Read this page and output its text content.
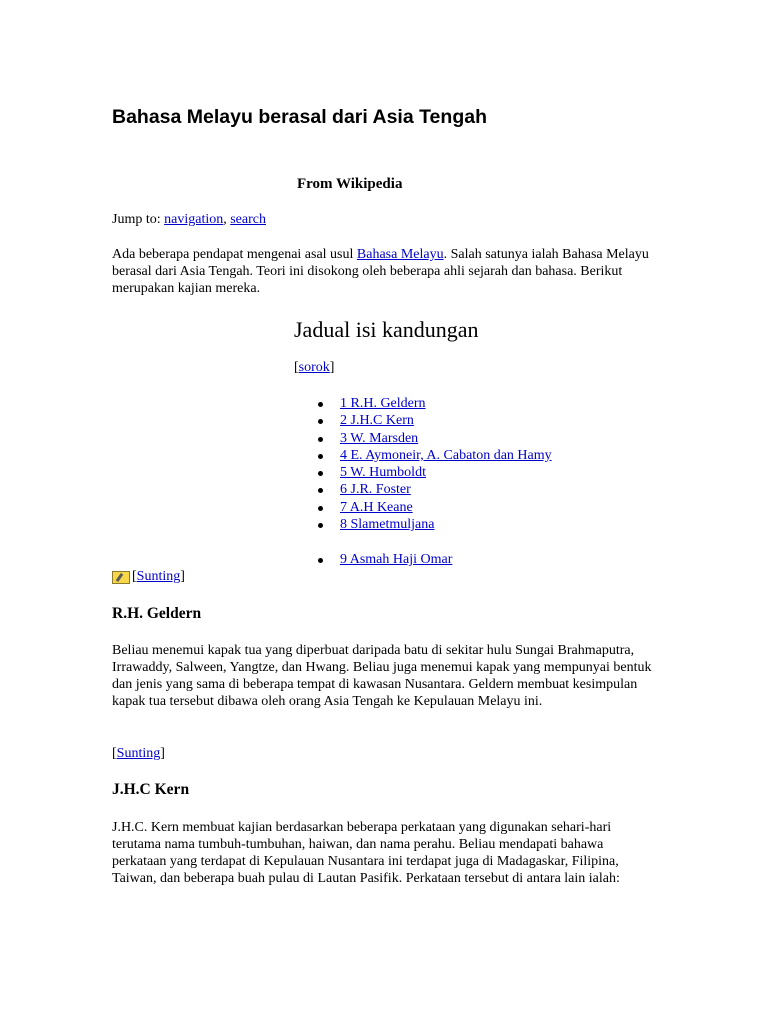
Bahasa Melayu berasal dari Asia Tengah
From Wikipedia
Jump to: navigation, search

Ada beberapa pendapat mengenai asal usul Bahasa Melayu. Salah satunya ialah Bahasa Melayu berasal dari Asia Tengah. Teori ini disokong oleh beberapa ahli sejarah dan bahasa. Berikut merupakan kajian mereka.

Jadual isi kandungan
[sorok]
1 R.H. Geldern
2 J.H.C Kern
3 W. Marsden
4 E. Aymoneir, A. Cabaton dan Hamy
5 W. Humboldt
6 J.R. Foster
7 A.H Keane
8 Slametmuljana
9 Asmah Haji Omar
[ Sunting ]
R.H. Geldern

Beliau menemui kapak tua yang diperbuat daripada batu di sekitar hulu Sungai Brahmaputra, Irrawaddy, Salween, Yangtze, dan Hwang. Beliau juga menemui kapak yang mempunyai bentuk dan jenis yang sama di beberapa tempat di kawasan Nusantara. Geldern membuat kesimpulan kapak tua tersebut dibawa oleh orang Asia Tengah ke Kepulauan Melayu ini.

[Sunting]
J.H.C Kern

J.H.C. Kern membuat kajian berdasarkan beberapa perkataan yang digunakan sehari-hari terutama nama tumbuh-tumbuhan, haiwan, dan nama perahu. Beliau mendapati bahawa perkataan yang terdapat di Kepulauan Nusantara ini terdapat juga di Madagaskar, Filipina, Taiwan, dan beberapa buah pulau di Lautan Pasifik. Perkataan tersebut di antara lain ialah:
